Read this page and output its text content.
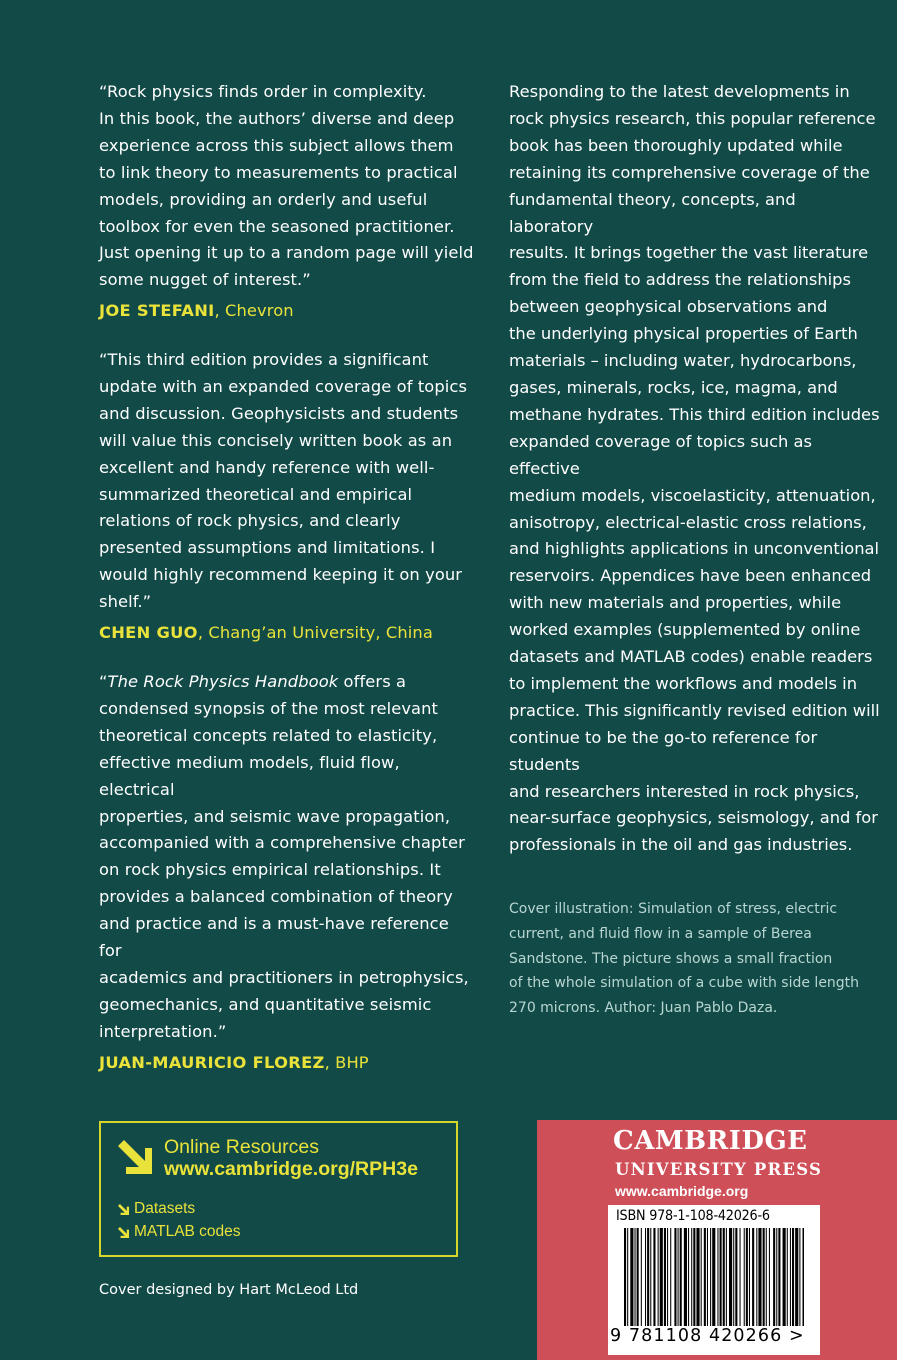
“Rock physics finds order in complexity.
In this book, the authors’ diverse and deep
experience across this subject allows them
to link theory to measurements to practical
models, providing an orderly and useful
toolbox for even the seasoned practitioner.
Just opening it up to a random page will yield
some nugget of interest.”
JOE STEFANI, Chevron
“This third edition provides a significant
update with an expanded coverage of topics
and discussion. Geophysicists and students
will value this concisely written book as an
excellent and handy reference with well-
summarized theoretical and empirical
relations of rock physics, and clearly
presented assumptions and limitations. I
would highly recommend keeping it on your
shelf.”
CHEN GUO, Chang’an University, China
“The Rock Physics Handbook offers a
condensed synopsis of the most relevant
theoretical concepts related to elasticity,
effective medium models, fluid flow, electrical
properties, and seismic wave propagation,
accompanied with a comprehensive chapter
on rock physics empirical relationships. It
provides a balanced combination of theory
and practice and is a must-have reference for
academics and practitioners in petrophysics,
geomechanics, and quantitative seismic
interpretation.”
JUAN-MAURICIO FLOREZ, BHP
Responding to the latest developments in
rock physics research, this popular reference
book has been thoroughly updated while
retaining its comprehensive coverage of the
fundamental theory, concepts, and laboratory
results. It brings together the vast literature
from the field to address the relationships
between geophysical observations and
the underlying physical properties of Earth
materials – including water, hydrocarbons,
gases, minerals, rocks, ice, magma, and
methane hydrates. This third edition includes
expanded coverage of topics such as effective
medium models, viscoelasticity, attenuation,
anisotropy, electrical-elastic cross relations,
and highlights applications in unconventional
reservoirs. Appendices have been enhanced
with new materials and properties, while
worked examples (supplemented by online
datasets and MATLAB codes) enable readers
to implement the workflows and models in
practice. This significantly revised edition will
continue to be the go-to reference for students
and researchers interested in rock physics,
near-surface geophysics, seismology, and for
professionals in the oil and gas industries.
Cover illustration: Simulation of stress, electric
current, and fluid flow in a sample of Berea
Sandstone. The picture shows a small fraction
of the whole simulation of a cube with side length
270 microns. Author: Juan Pablo Daza.
Online Resources
www.cambridge.org/RPH3e
Datasets
MATLAB codes
Cover designed by Hart McLeod Ltd
CAMBRIDGE
UNIVERSITY PRESS
www.cambridge.org
ISBN 978-1-108-42026-6
9 781108 420266 >
